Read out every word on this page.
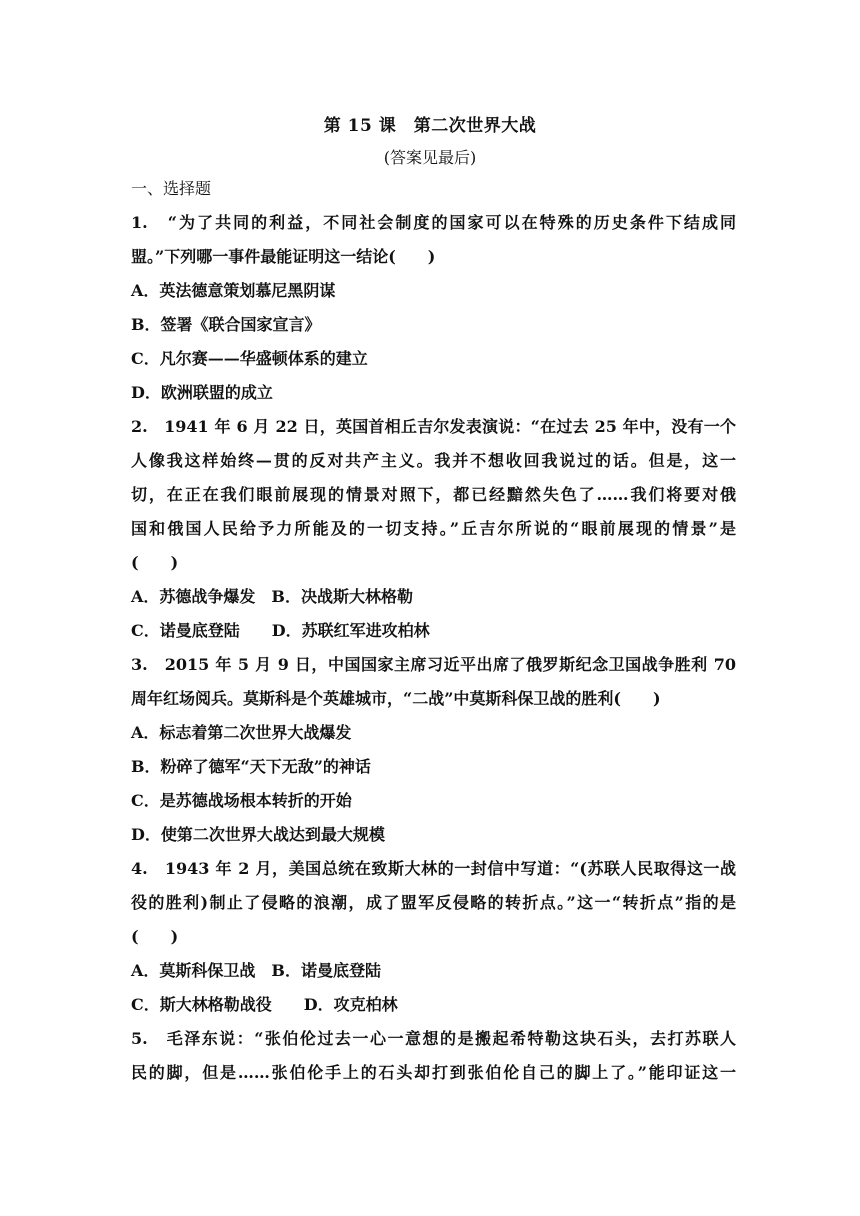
第 15 课　第二次世界大战
(答案见最后)
一、选择题
1.　“为了共同的利益，不同社会制度的国家可以在特殊的历史条件下结成同
盟。”下列哪一事件最能证明这一结论(　　)
A．英法德意策划慕尼黑阴谋
B．签署《联合国家宣言》
C．凡尔赛——华盛顿体系的建立
D．欧洲联盟的成立
2.　1941 年 6 月 22 日，英国首相丘吉尔发表演说：“在过去 25 年中，没有一个
人像我这样始终—贯的反对共产主义。我并不想收回我说过的话。但是，这一
切，在正在我们眼前展现的情景对照下，都已经黯然失色了……我们将要对俄
国和俄国人民给予力所能及的一切支持。”丘吉尔所说的“眼前展现的情景”是
(　　)
A．苏德战争爆发　B．决战斯大林格勒
C．诺曼底登陆　　D．苏联红军进攻柏林
3.　2015 年 5 月 9 日，中国国家主席习近平出席了俄罗斯纪念卫国战争胜利 70
周年红场阅兵。莫斯科是个英雄城市，“二战”中莫斯科保卫战的胜利(　　)
A．标志着第二次世界大战爆发
B．粉碎了德军“天下无敌”的神话
C．是苏德战场根本转折的开始
D．使第二次世界大战达到最大规模
4.　1943 年 2 月，美国总统在致斯大林的一封信中写道：“(苏联人民取得这一战
役的胜利)制止了侵略的浪潮，成了盟军反侵略的转折点。”这一“转折点”指的是
(　　)
A．莫斯科保卫战　B．诺曼底登陆
C．斯大林格勒战役　　D．攻克柏林
5.　毛泽东说：“张伯伦过去一心一意想的是搬起希特勒这块石头，去打苏联人
民的脚，但是……张伯伦手上的石头却打到张伯伦自己的脚上了。”能印证这一
